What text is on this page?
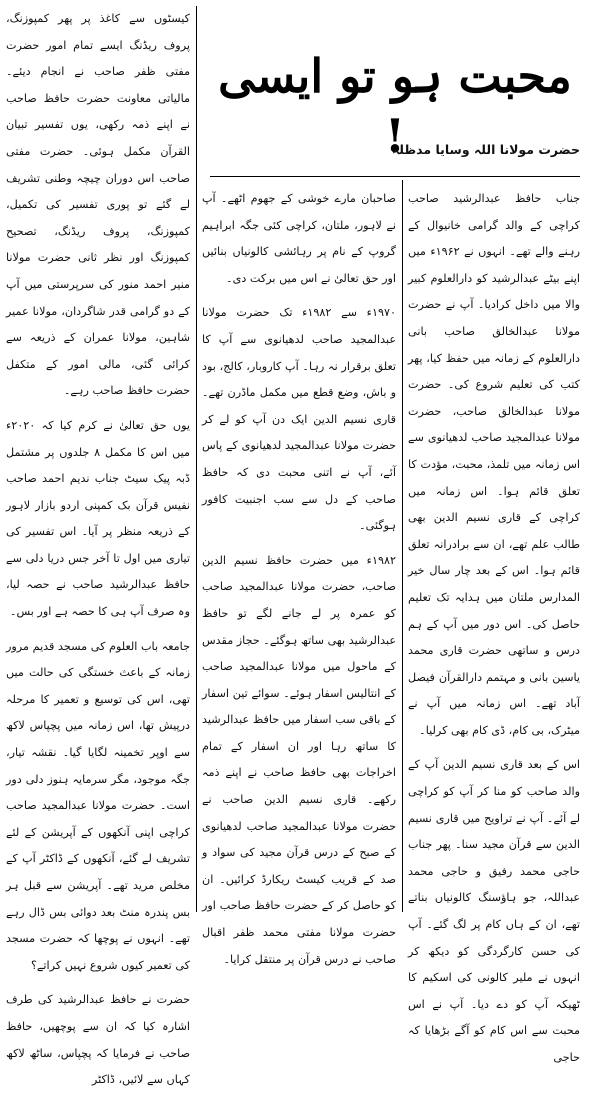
محبت ہو تو ایسی !
حضرت مولانا اللہ وسایا مدظلہ

جناب حافظ عبدالرشید صاحب کراچی کے والد گرامی خانیوال کے رہنے والے تھے۔ انہوں نے ۱۹۶۲ء میں اپنے بیٹے عبدالرشید کو دارالعلوم کبیر والا میں داخل کرادیا۔ آپ نے حضرت مولانا عبدالخالق صاحب بانی دارالعلوم کے زمانہ میں حفظ کیا، پھر کتب کی تعلیم شروع کی۔ حضرت مولانا عبدالخالق صاحب، حضرت مولانا عبدالمجید صاحب لدھیانوی سے اس زمانہ میں تلمذ، محبت، مؤدت کا تعلق قائم ہوا۔ اس زمانہ میں کراچی کے قاری نسیم الدین بھی طالب علم تھے، ان سے برادرانہ تعلق قائم ہوا۔ اس کے بعد چار سال خیر المدارس ملتان میں ہدایہ تک تعلیم حاصل کی۔ اس دور میں آپ کے ہم درس و ساتھی حضرت قاری محمد یاسین بانی و مہتمم دارالقرآن فیصل آباد تھے۔ اس زمانہ میں آپ نے میٹرک، بی کام، ڈی کام بھی کرلیا۔

اس کے بعد قاری نسیم الدین آپ کے والد صاحب کو منا کر آپ کو کراچی لے آئے۔ آپ نے تراویح میں قاری نسیم الدین سے قرآن مجید سنا۔ پھر جناب حاجی محمد رفیق و حاجی محمد عبداللہ، جو ہاؤسنگ کالونیاں بناتے تھے، ان کے ہاں کام پر لگ گئے۔ آپ کی حسن کارگردگی کو دیکھ کر انہوں نے ملیر کالونی کی اسکیم کا ٹھیکہ آپ کو دے دیا۔ آپ نے اس محبت سے اس کام کو آگے بڑھایا کہ حاجی

صاحبان مارے خوشی کے جھوم اٹھے۔ آپ نے لاہور، ملتان، کراچی کئی جگہ ابراہیم گروپ کے نام پر رہائشی کالونیاں بنائیں اور حق تعالیٰ نے اس میں برکت دی۔

۱۹۷۰ء سے ۱۹۸۲ء تک حضرت مولانا عبدالمجید صاحب لدھیانوی سے آپ کا تعلق برقرار نہ رہا۔ آپ کاروبار، کالج، بود و باش، وضع قطع میں مکمل ماڈرن تھے۔ قاری نسیم الدین ایک دن آپ کو لے کر حضرت مولانا عبدالمجید لدھیانوی کے پاس آئے، آپ نے اتنی محبت دی کہ حافظ صاحب کے دل سے سب اجنبیت کافور ہوگئی۔

۱۹۸۲ء میں حضرت حافظ نسیم الدین صاحب، حضرت مولانا عبدالمجید صاحب کو عمرہ پر لے جانے لگے تو حافظ عبدالرشید بھی ساتھ ہوگئے۔ حجاز مقدس کے ماحول میں مولانا عبدالمجید صاحب کے انتالیس اسفار ہوئے۔ سوائے تین اسفار کے باقی سب اسفار میں حافظ عبدالرشید کا ساتھ رہا اور ان اسفار کے تمام اخراجات بھی حافظ صاحب نے اپنے ذمہ رکھے۔ قاری نسیم الدین صاحب نے حضرت مولانا عبدالمجید صاحب لدھیانوی کے صبح کے درس قرآن مجید کی سواد و صد کے قریب کیسٹ ریکارڈ کرائیں۔ ان کو حاصل کر کے حضرت حافظ صاحب اور حضرت مولانا مفتی محمد ظفر اقبال صاحب نے درس قرآن پر منتقل کرایا۔

کیسٹوں سے کاغذ پر پھر کمپوزنگ، پروف ریڈنگ ایسے تمام امور حضرت مفتی ظفر صاحب نے انجام دیئے۔ مالیاتی معاونت حضرت حافظ صاحب نے اپنے ذمہ رکھی، یوں تفسیر تبیان القرآن مکمل ہوئی۔ حضرت مفتی صاحب اس دوران چیچہ وطنی تشریف لے گئے تو پوری تفسیر کی تکمیل، کمپوزنگ، پروف ریڈنگ، تصحیح کمپوزنگ اور نظر ثانی حضرت مولانا منیر احمد منور کی سرپرستی میں آپ کے دو گرامی قدر شاگردان، مولانا عمیر شاہین، مولانا عمران کے ذریعہ سے کرائی گئی، مالی امور کے متکفل حضرت حافظ صاحب رہے۔

یوں حق تعالیٰ نے کرم کیا کہ ۲۰۲۰ء میں اس کا مکمل ۸ جلدوں پر مشتمل ڈبہ پیک سیٹ جناب ندیم احمد صاحب نفیس قرآن بک کمپنی اردو بازار لاہور کے ذریعہ منظر پر آیا۔ اس تفسیر کی تیاری میں اول تا آخر جس دریا دلی سے حافظ عبدالرشید صاحب نے حصہ لیا، وہ صرف آپ ہی کا حصہ ہے اور بس۔

جامعہ باب العلوم کی مسجد قدیم مرور زمانہ کے باعث خستگی کی حالت میں تھی، اس کی توسیع و تعمیر کا مرحلہ درپیش تھا، اس زمانہ میں پچپاس لاکھ سے اوپر تخمینہ لگایا گیا۔ نقشہ تیار، جگہ موجود، مگر سرمایہ ہنوز دلی دور است۔ حضرت مولانا عبدالمجید صاحب کراچی اپنی آنکھوں کے آپریشن کے لئے تشریف لے گئے، آنکھوں کے ڈاکٹر آپ کے مخلص مرید تھے۔ آپریشن سے قبل ہر بس پندرہ منٹ بعد دوائی بس ڈال رہے تھے۔ انہوں نے پوچھا کہ حضرت مسجد کی تعمیر کیوں شروع نہیں کراتے؟

حضرت نے حافظ عبدالرشید کی طرف اشارہ کیا کہ ان سے پوچھیں، حافظ صاحب نے فرمایا کہ پچپاس، ساٹھ لاکھ کہاں سے لائیں، ڈاکٹر
